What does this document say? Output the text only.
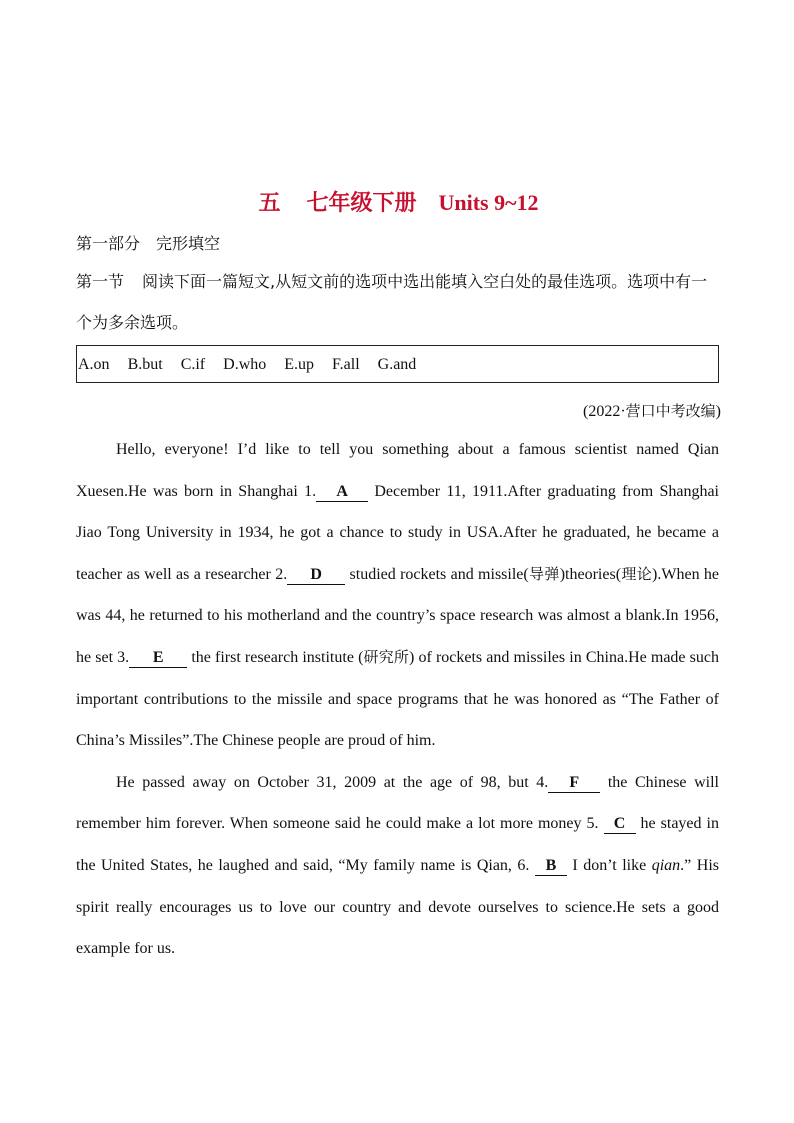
五 七年级下册 Units 9~12
第一部分　完形填空
第一节 阅读下面一篇短文,从短文前的选项中选出能填入空白处的最佳选项。选项中有一个为多余选项。
A.on B.but C.if D.who E.up F.all G.and
(2022·营口中考改编)

Hello, everyone! I’d like to tell you something about a famous scientist named Qian Xuesen.He was born in Shanghai 1. A December 11, 1911.After graduating from Shanghai Jiao Tong University in 1934, he got a chance to study in USA.After he graduated, he became a teacher as well as a researcher 2. D studied rockets and missile(导弹)theories(理论).When he was 44, he returned to his motherland and the country’s space research was almost a blank.In 1956, he set 3. E the first research institute (研究所) of rockets and missiles in China.He made such important contributions to the missile and space programs that he was honored as “The Father of China’s Missiles”.The Chinese people are proud of him.

He passed away on October 31, 2009 at the age of 98, but 4. F the Chinese will remember him forever. When someone said he could make a lot more money 5. C he stayed in the United States, he laughed and said, “My family name is Qian, 6. B I don’t like qian.” His spirit really encourages us to love our country and devote ourselves to science.He sets a good example for us.
